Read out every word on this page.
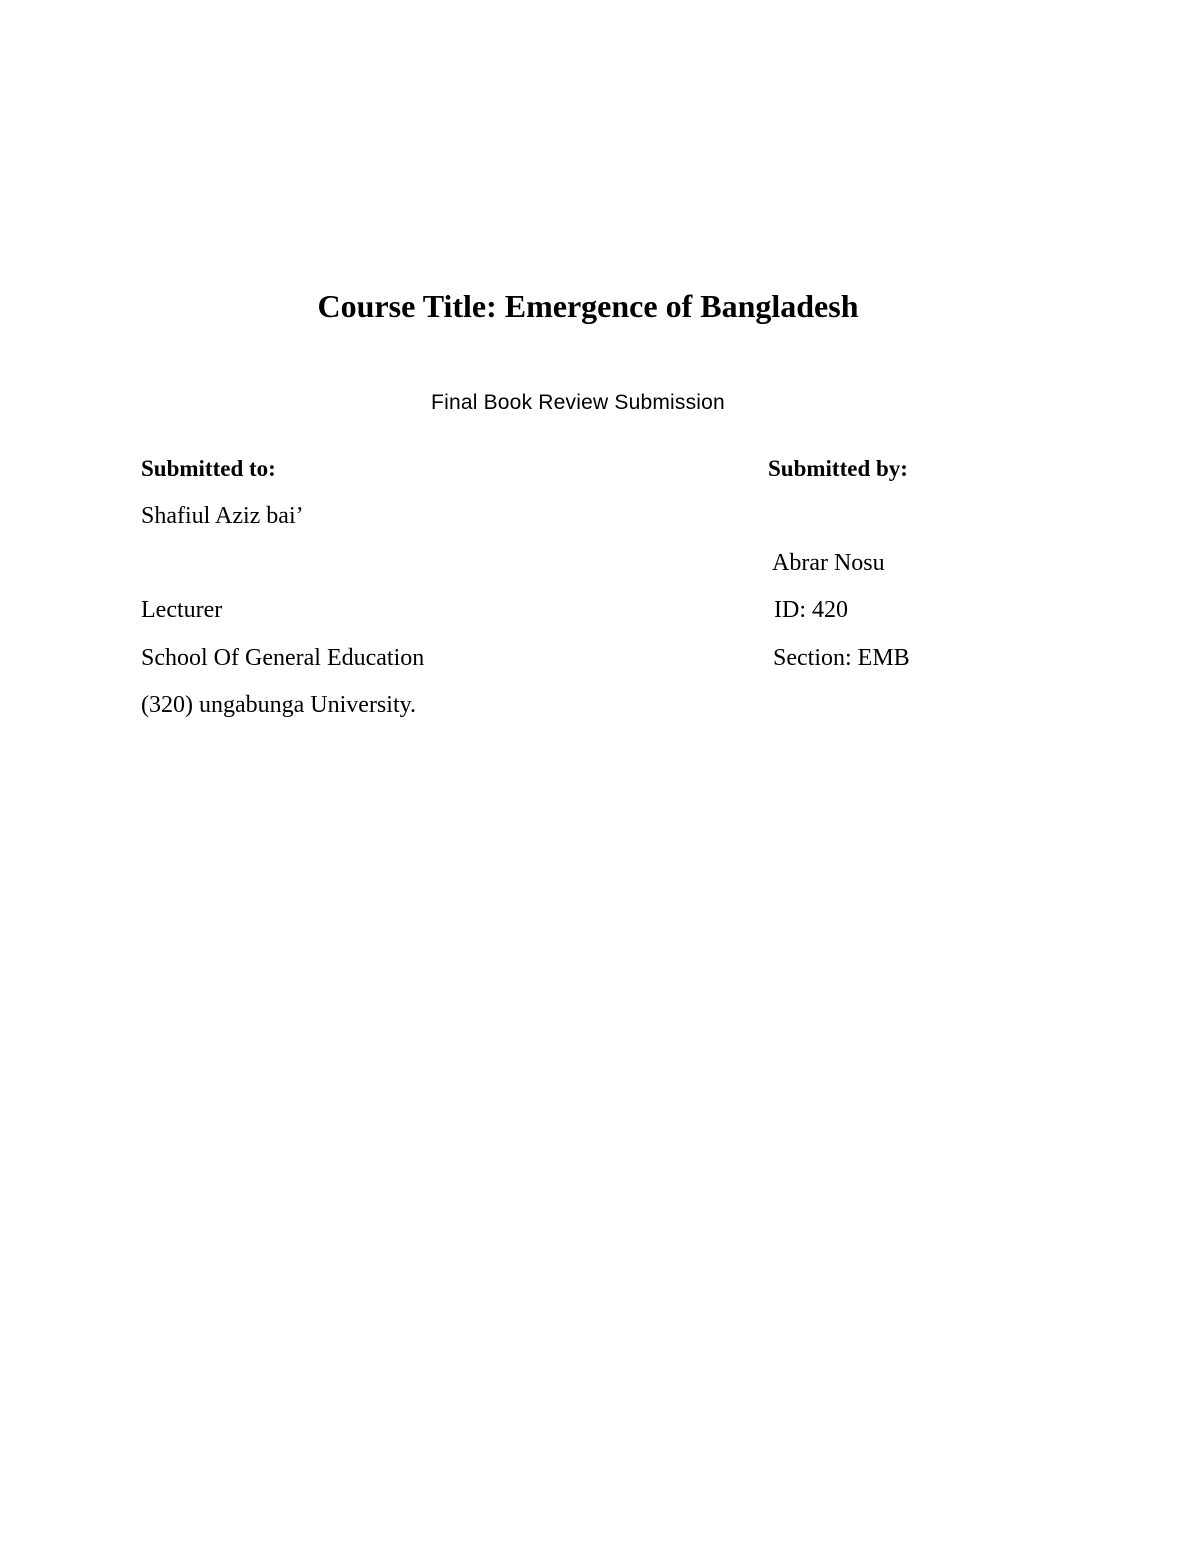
Course Title: Emergence of Bangladesh
Final Book Review Submission
Submitted to:
Shafiul Aziz bai’
Lecturer
School Of General Education
(320) ungabunga University.
Submitted by:
Abrar Nosu
ID: 420
Section: EMB
